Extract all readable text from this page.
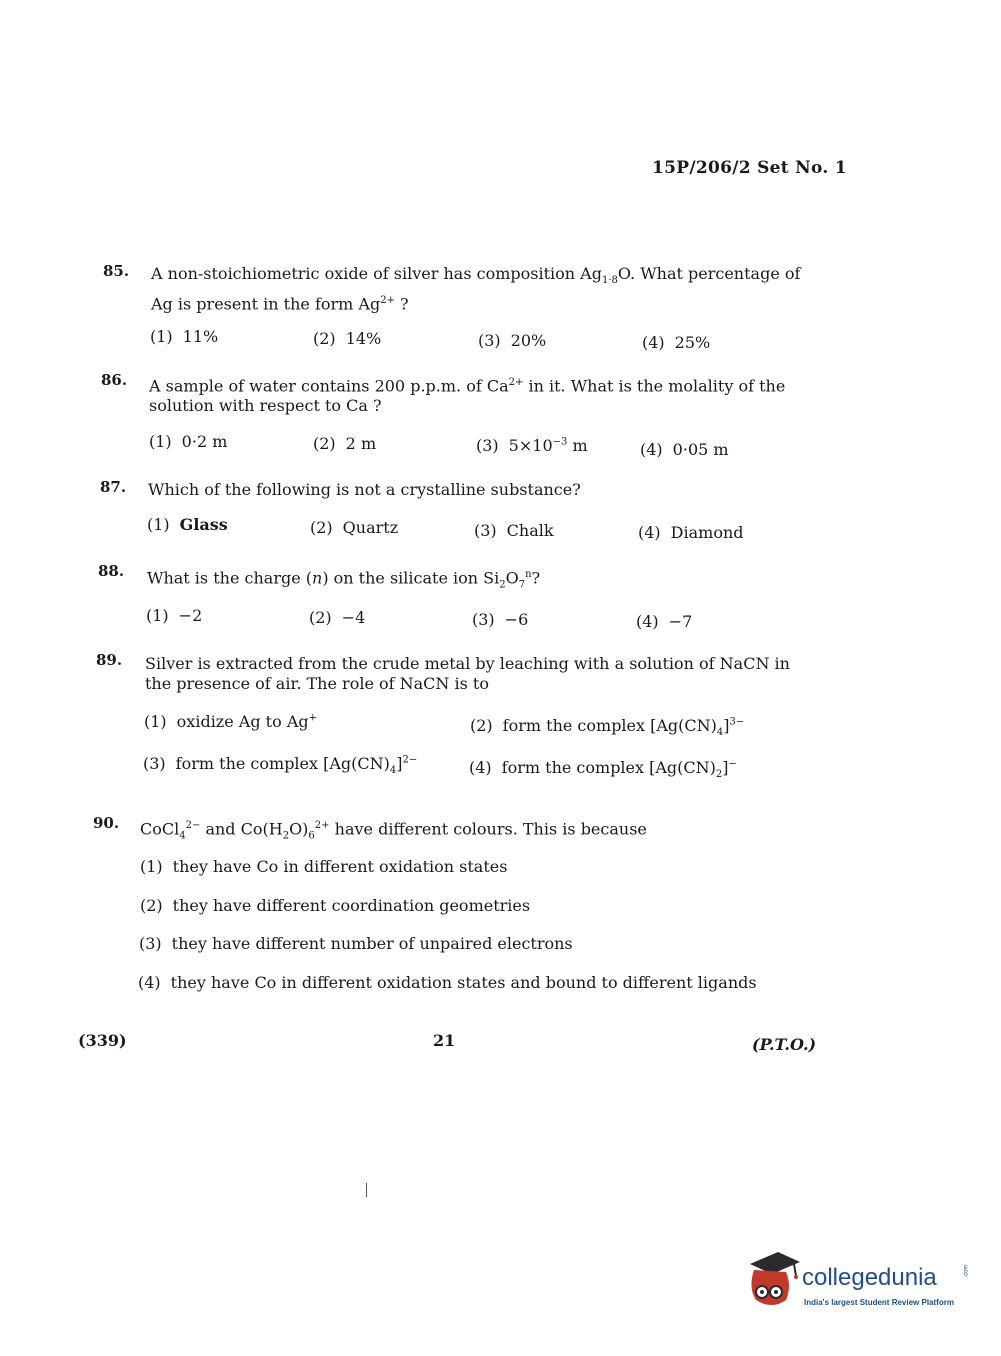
15P/206/2 Set No. 1
85. A non-stoichiometric oxide of silver has composition $Ag_{1\cdot 8}O$. What percentage of
Ag is present in the form $Ag^{2+}$ ?
(1) 11%	(2) 14%	(3) 20%	(4) 25%
86. A sample of water contains 200 p.p.m. of $Ca^{2+}$ in it. What is the molality of the
solution with respect to Ca ?
(1) 0·2 m	(2) 2 m	(3) $5\times 10^{-3}$ m	(4) 0·05 m
87. Which of the following is not a crystalline substance?
(1) Glass	(2) Quartz	(3) Chalk	(4) Diamond
88. What is the charge (n) on the silicate ion $Si_2O_7^n$?
(1) −2	(2) −4	(3) −6	(4) −7
89. Silver is extracted from the crude metal by leaching with a solution of NaCN in
the presence of air. The role of NaCN is to
(1) oxidize Ag to Ag+	(2) form the complex $[Ag(CN)_4]^{3-}$
(3) form the complex $[Ag(CN)_4]^{2-}$	(4) form the complex $[Ag(CN)_2]^-$
90. CoCl$_4^{2-}$ and $Co(H_2O)_6^{2+}$ have different colours. This is because
(1) they have Co in different oxidation states
(2) they have different coordination geometries
(3) they have different number of unpaired electrons
(4) they have Co in different oxidation states and bound to different ligands
(339)	21	(P.T.O.)
collegedunia	.com
India's largest Student Review Platform
